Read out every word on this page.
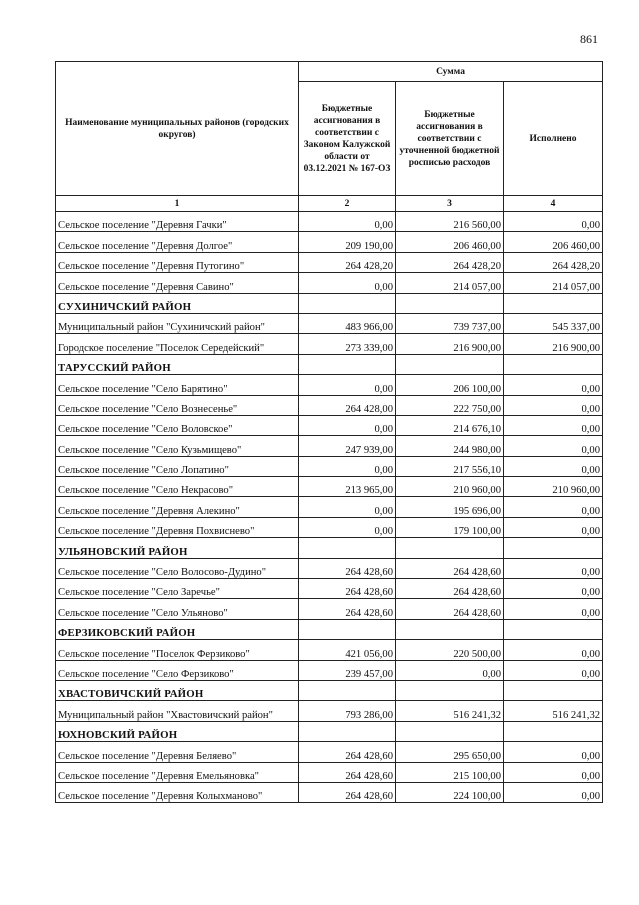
861
Наименование муниципальных районов (городских округов)	Сумма		
	Бюджетные ассигнования в соответствии с Законом Калужской области от 03.12.2021 № 167-ОЗ	Бюджетные ассигнования в соответствии с уточненной бюджетной росписью расходов	Исполнено
1	2	3	4
Сельское поселение "Деревня Гачки"	0,00	216 560,00	0,00
Сельское поселение "Деревня Долгое"	209 190,00	206 460,00	206 460,00
Сельское поселение "Деревня Путогино"	264 428,20	264 428,20	264 428,20
Сельское поселение "Деревня Савино"	0,00	214 057,00	214 057,00
СУХИНИЧСКИЙ РАЙОН			
Муниципальный район "Сухиничский район"	483 966,00	739 737,00	545 337,00
Городское поселение "Поселок Середейский"	273 339,00	216 900,00	216 900,00
ТАРУССКИЙ РАЙОН			
Сельское поселение "Село Барятино"	0,00	206 100,00	0,00
Сельское поселение "Село Вознесенье"	264 428,00	222 750,00	0,00
Сельское поселение "Село Воловское"	0,00	214 676,10	0,00
Сельское поселение "Село Кузьмищево"	247 939,00	244 980,00	0,00
Сельское поселение "Село Лопатино"	0,00	217 556,10	0,00
Сельское поселение "Село Некрасово"	213 965,00	210 960,00	210 960,00
Сельское поселение "Деревня Алекино"	0,00	195 696,00	0,00
Сельское поселение "Деревня Похвиснево"	0,00	179 100,00	0,00
УЛЬЯНОВСКИЙ РАЙОН			
Сельское поселение "Село Волосово-Дудино"	264 428,60	264 428,60	0,00
Сельское поселение "Село Заречье"	264 428,60	264 428,60	0,00
Сельское поселение "Село Ульяново"	264 428,60	264 428,60	0,00
ФЕРЗИКОВСКИЙ РАЙОН			
Сельское поселение "Поселок Ферзиково"	421 056,00	220 500,00	0,00
Сельское поселение "Село Ферзиково"	239 457,00	0,00	0,00
ХВАСТОВИЧСКИЙ РАЙОН			
Муниципальный район "Хвастовичский район"	793 286,00	516 241,32	516 241,32
ЮХНОВСКИЙ РАЙОН			
Сельское поселение "Деревня Беляево"	264 428,60	295 650,00	0,00
Сельское поселение "Деревня Емельяновка"	264 428,60	215 100,00	0,00
Сельское поселение "Деревня Колыхманово"	264 428,60	224 100,00	0,00
